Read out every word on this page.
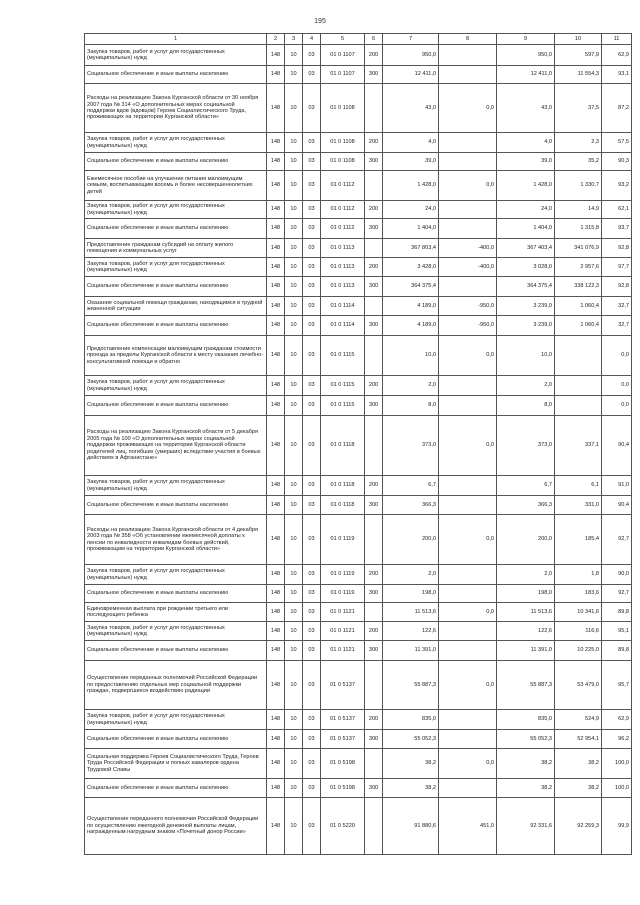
195
1	2	3	4	5	6	7	8	9	10	11
Закупка товаров, работ и услуг для государственных (муниципальных) нужд	148	10	03	01 0 1107	200	950,0		950,0	597,9	62,9
Социальное обеспечение и иные выплаты населению	148	10	03	01 0 1107	300	12 411,0		12 411,0	11 554,3	93,1
Расходы на реализацию Закона Курганской области от 30 ноября 2007 года № 314 «О дополнительных мерах социальной поддержки вдов (вдовцов) Героев Социалистического Труда, проживающих на территории Курганской области»	148	10	03	01 0 1108		43,0	0,0	43,0	37,5	87,2
Закупка товаров, работ и услуг для государственных (муниципальных) нужд	148	10	03	01 0 1108	200	4,0		4,0	2,3	57,5
Социальное обеспечение и иные выплаты населению	148	10	03	01 0 1108	300	39,0		39,0	35,2	90,3
Ежемесячное пособие на улучшение питания малоимущим семьям, воспитывающим восемь и более несовершеннолетних детей	148	10	03	01 0 1112		1 428,0	0,0	1 428,0	1 330,7	93,2
Закупка товаров, работ и услуг для государственных (муниципальных) нужд	148	10	03	01 0 1112	200	24,0		24,0	14,9	62,1
Социальное обеспечение и иные выплаты населению	148	10	03	01 0 1112	300	1 404,0		1 404,0	1 315,8	93,7
Предоставление гражданам субсидий на оплату жилого помещения и коммунальных услуг	148	10	03	01 0 1113		367 803,4	-400,0	367 403,4	341 076,9	92,8
Закупка товаров, работ и услуг для государственных (муниципальных) нужд	148	10	03	01 0 1113	200	3 428,0	-400,0	3 028,0	2 957,6	97,7
Социальное обеспечение и иные выплаты населению	148	10	03	01 0 1113	300	364 375,4		364 375,4	338 122,3	92,8
Оказание социальной помощи гражданам, находящимся в трудной жизненной ситуации	148	10	03	01 0 1114		4 189,0	-950,0	3 239,0	1 060,4	32,7
Социальное обеспечение и иные выплаты населению	148	10	03	01 0 1114	300	4 189,0	-950,0	3 239,0	1 060,4	32,7
Предоставление компенсации малоимущим гражданам стоимости проезда за пределы Курганской области к месту оказания лечебно-консультативной помощи и обратно	148	10	03	01 0 1115		10,0	0,0	10,0		0,0
Закупка товаров, работ и услуг для государственных (муниципальных) нужд	148	10	03	01 0 1115	200	2,0		2,0		0,0
Социальное обеспечение и иные выплаты населению	148	10	03	01 0 1115	300	8,0		8,0		0,0
Расходы на реализацию Закона Курганской области от 5 декабря 2005 года № 100 «О дополнительных мерах социальной поддержки проживающих на территории Курганской области родителей лиц, погибших (умерших) вследствие участия в боевых действиях в Афганистане»	148	10	03	01 0 1118		373,0	0,0	373,0	337,1	90,4
Закупка товаров, работ и услуг для государственных (муниципальных) нужд	148	10	03	01 0 1118	200	6,7		6,7	6,1	91,0
Социальное обеспечение и иные выплаты населению	148	10	03	01 0 1118	300	366,3		366,3	331,0	90,4
Расходы на реализацию Закона Курганской области от 4 декабря 2003 года № 358 «Об установлении ежемесячной доплаты к пенсии по инвалидности инвалидам боевых действий, проживающим на территории Курганской области»	148	10	03	01 0 1119		200,0	0,0	200,0	185,4	92,7
Закупка товаров, работ и услуг для государственных (муниципальных) нужд	148	10	03	01 0 1119	200	2,0		2,0	1,8	90,0
Социальное обеспечение и иные выплаты населению	148	10	03	01 0 1119	300	198,0		198,0	183,6	92,7
Единовременная выплата при рождении третьего или последующего ребенка	148	10	03	01 0 1121		11 513,6	0,0	11 513,6	10 341,6	89,8
Закупка товаров, работ и услуг для государственных (муниципальных) нужд	148	10	03	01 0 1121	200	122,6		122,6	116,6	95,1
Социальное обеспечение и иные выплаты населению	148	10	03	01 0 1121	300	11 391,0		11 391,0	10 225,0	89,8
Осуществление переданных полномочий Российской Федерации по предоставлению отдельных мер социальной поддержки граждан, подвергшихся воздействию радиации	148	10	03	01 0 5137		55 887,3	0,0	55 887,3	53 479,0	95,7
Закупка товаров, работ и услуг для государственных (муниципальных) нужд	148	10	03	01 0 5137	200	835,0		835,0	524,9	62,9
Социальное обеспечение и иные выплаты населению	148	10	03	01 0 5137	300	55 052,3		55 052,3	52 954,1	96,2
Социальная поддержка Героев Социалистического Труда, Героев Труда Российской Федерации и полных кавалеров ордена Трудовой Славы	148	10	03	01 0 5198		38,2	0,0	38,2	38,2	100,0
Социальное обеспечение и иные выплаты населению	148	10	03	01 0 5198	300	38,2		38,2	38,2	100,0
Осуществление переданного полномочия Российской Федерации по осуществлению ежегодной денежной выплаты лицам, награжденным нагрудным знаком «Почетный донор России»	148	10	03	01 0 5220		91 880,6	451,0	92 331,6	92 259,3	99,9
